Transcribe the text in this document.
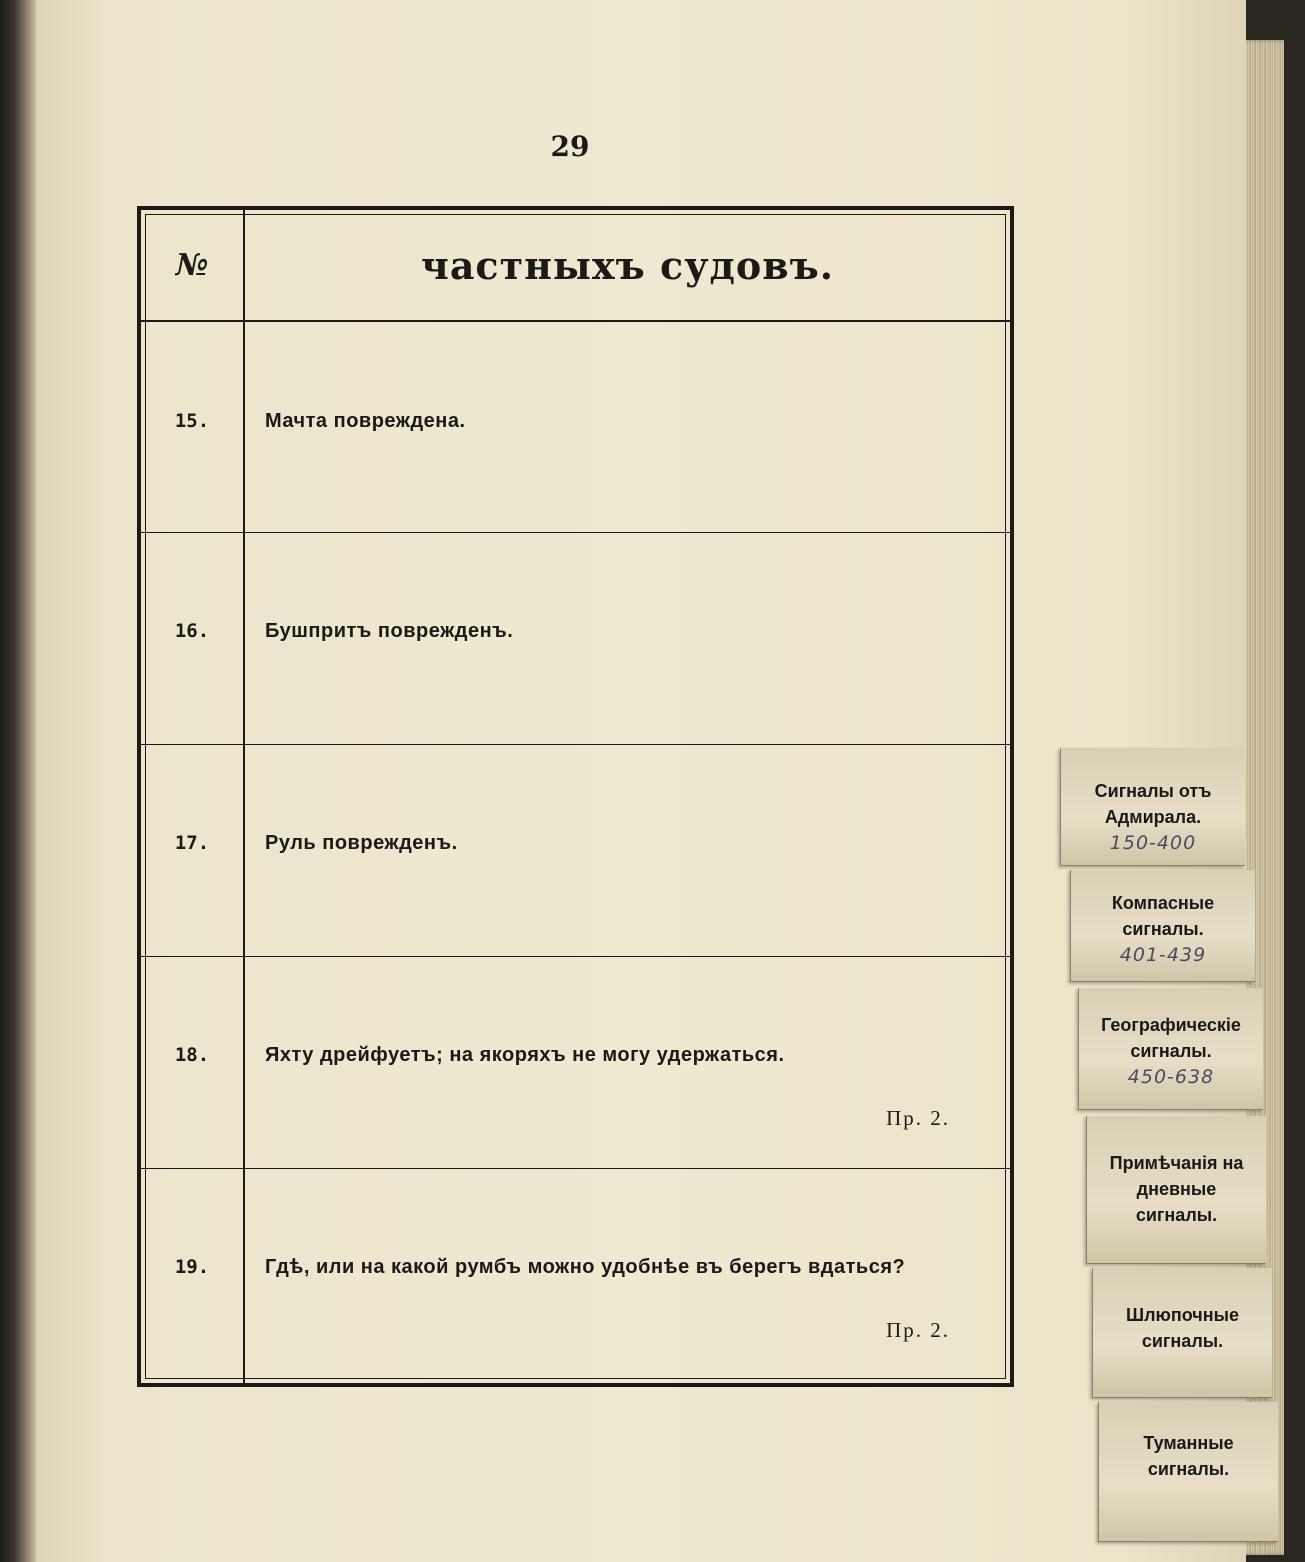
29
№	частныхъ судовъ.
15.	Мачта повреждена.
16.	Бушпритъ поврежденъ.
17.	Руль поврежденъ.
18.	Яхту дрейфуетъ; на якоряхъ не могу удержаться.
Пр. 2.
19.	Гдѣ, или на какой румбъ можно удобнѣе въ берегъ вдаться?
Пр. 2.
Сигналы отъ
Адмирала.
150-400
Компасные
сигналы.
401-439
Географическіе
сигналы.
450-638
Примѣчанія на
дневные
сигналы.
Шлюпочные
сигналы.
Туманные
сигналы.
